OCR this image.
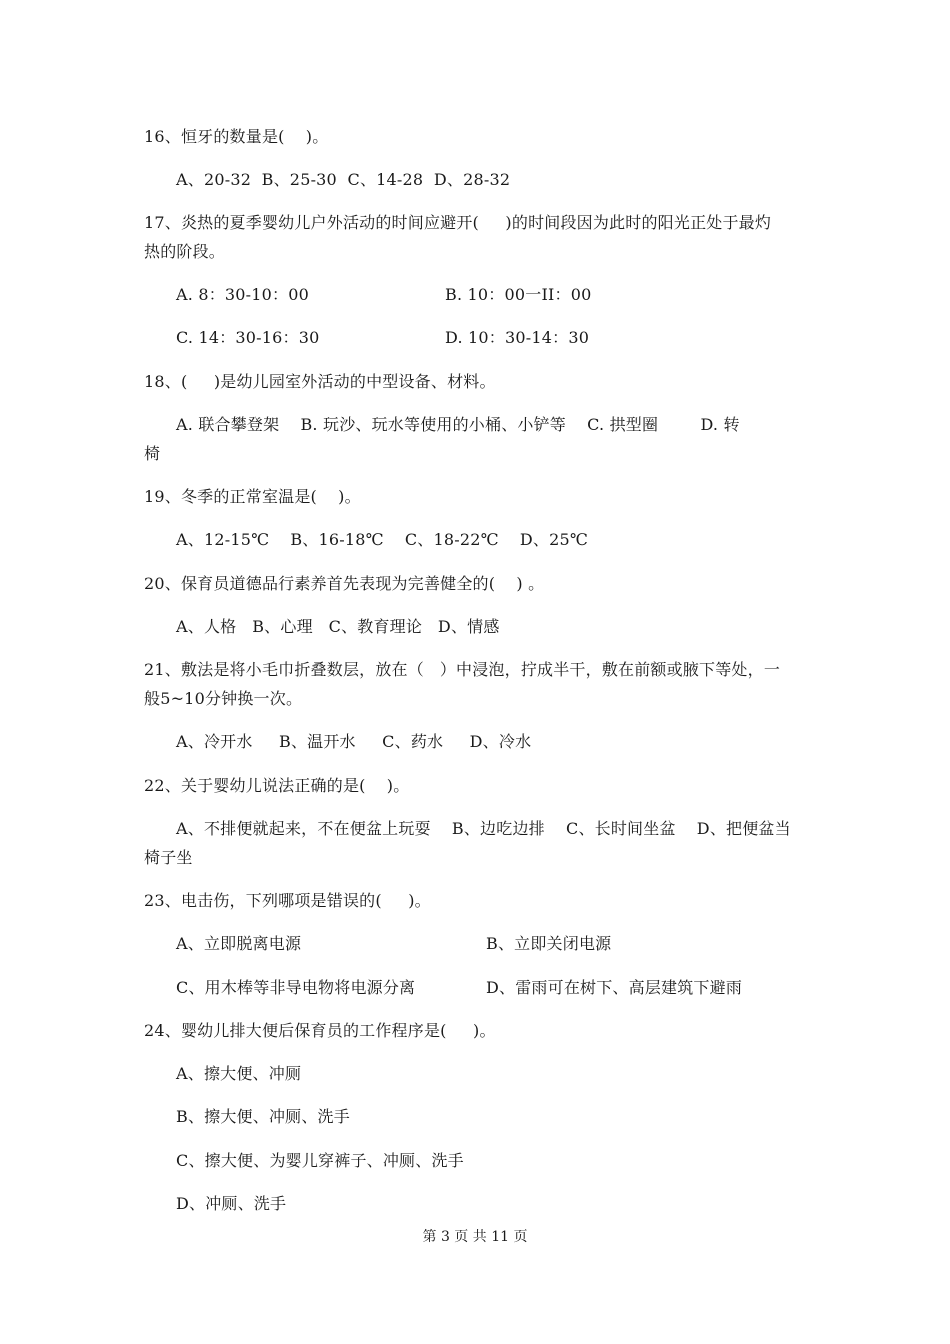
16、恒牙的数量是(    )。
A、20-32  B、25-30  C、14-28  D、28-32
17、炎热的夏季婴幼儿户外活动的时间应避开(     )的时间段因为此时的阳光正处于最灼
热的阶段。
A. 8：30-10：00	B. 10：00一II：00
C. 14：30-16：30	D. 10：30-14：30
18、(     )是幼儿园室外活动的中型设备、材料。
A. 联合攀登架    B. 玩沙、玩水等使用的小桶、小铲等    C. 拱型圈        D. 转
椅
19、冬季的正常室温是(    )。
A、12-15℃    B、16-18℃    C、18-22℃    D、25℃
20、保育员道德品行素养首先表现为完善健全的(    ) 。
A、人格   B、心理   C、教育理论   D、情感
21、敷法是将小毛巾折叠数层，放在（   ）中浸泡，拧成半干，敷在前额或腋下等处，一
般5~10分钟换一次。
A、冷开水     B、温开水     C、药水     D、冷水
22、关于婴幼儿说法正确的是(    )。
A、不排便就起来，不在便盆上玩耍    B、边吃边排    C、长时间坐盆    D、把便盆当
椅子坐
23、电击伤，下列哪项是错误的(     )。
A、立即脱离电源	B、立即关闭电源
C、用木棒等非导电物将电源分离	D、雷雨可在树下、高层建筑下避雨
24、婴幼儿排大便后保育员的工作程序是(     )。
A、擦大便、冲厕
B、擦大便、冲厕、洗手
C、擦大便、为婴儿穿裤子、冲厕、洗手
D、冲厕、洗手
第 3 页 共 11 页
